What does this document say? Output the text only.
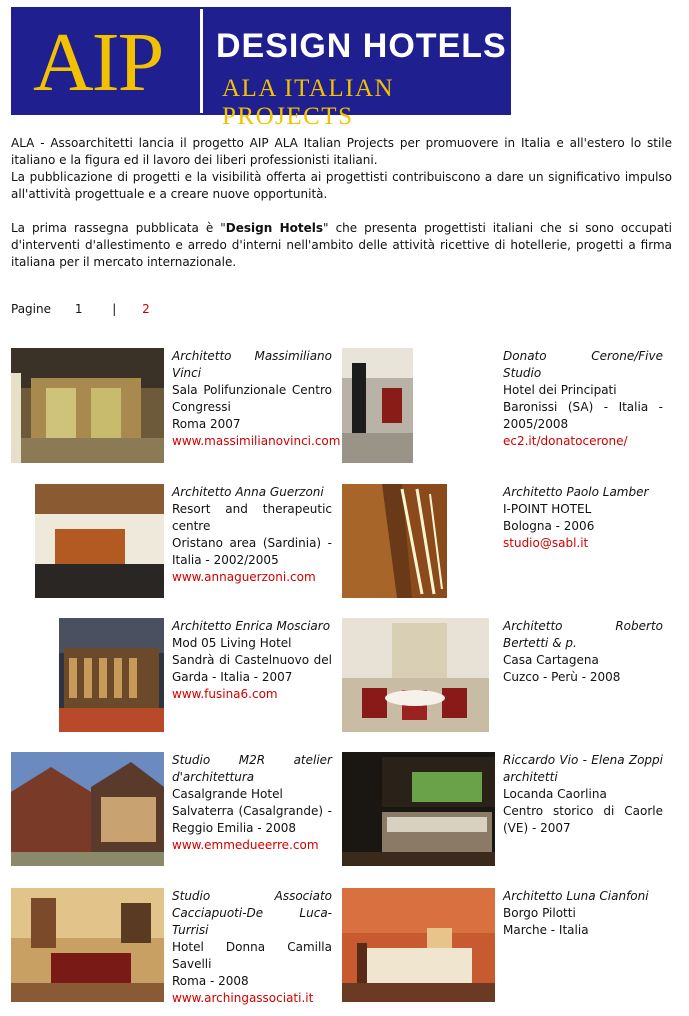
AIP DESIGN HOTELS
ALA ITALIAN PROJECTS

ALA - Assoarchitetti lancia il progetto AIP ALA Italian Projects per promuovere in Italia e all'estero lo stile italiano e la figura ed il lavoro dei liberi professionisti italiani.

La pubblicazione di progetti e la visibilità offerta ai progettisti contribuiscono a dare un significativo impulso all'attività progettuale e a creare nuove opportunità.

La prima rassegna pubblicata è "Design Hotels" che presenta progettisti italiani che si sono occupati d'interventi d'allestimento e arredo d'interni nell'ambito delle attività ricettive di hotellerie, progetti a firma italiana per il mercato internazionale.

Pagine 1 | 2
Architetto Massimiliano Vinci
Sala Polifunzionale Centro Congressi
Roma 2007
www.massimilianovinci.com
Donato Cerone/Five Studio
Hotel dei Principati
Baronissi (SA) - Italia - 2005/2008
ec2.it/donatocerone/
Architetto Anna Guerzoni
Resort and therapeutic centre
Oristano area (Sardinia) - Italia - 2002/2005
www.annaguerzoni.com
Architetto Paolo Lamber
I-POINT HOTEL
Bologna - 2006
studio@sabl.it
Architetto Enrica Mosciaro
Mod 05 Living Hotel
Sandrà di Castelnuovo del Garda - Italia - 2007
www.fusina6.com
Architetto Roberto Bertetti & p.
Casa Cartagena
Cuzco - Perù - 2008
Studio M2R atelier d'architettura
Casalgrande Hotel
Salvaterra (Casalgrande) - Reggio Emilia - 2008
www.emmedueerre.com
Riccardo Vio - Elena Zoppi architetti
Locanda Caorlina
Centro storico di Caorle (VE) - 2007
Studio Associato Cacciapuoti-De Luca-Turrisi
Hotel Donna Camilla Savelli
Roma - 2008
www.archingassociati.it
Architetto Luna Cianfoni
Borgo Pilotti
Marche - Italia
